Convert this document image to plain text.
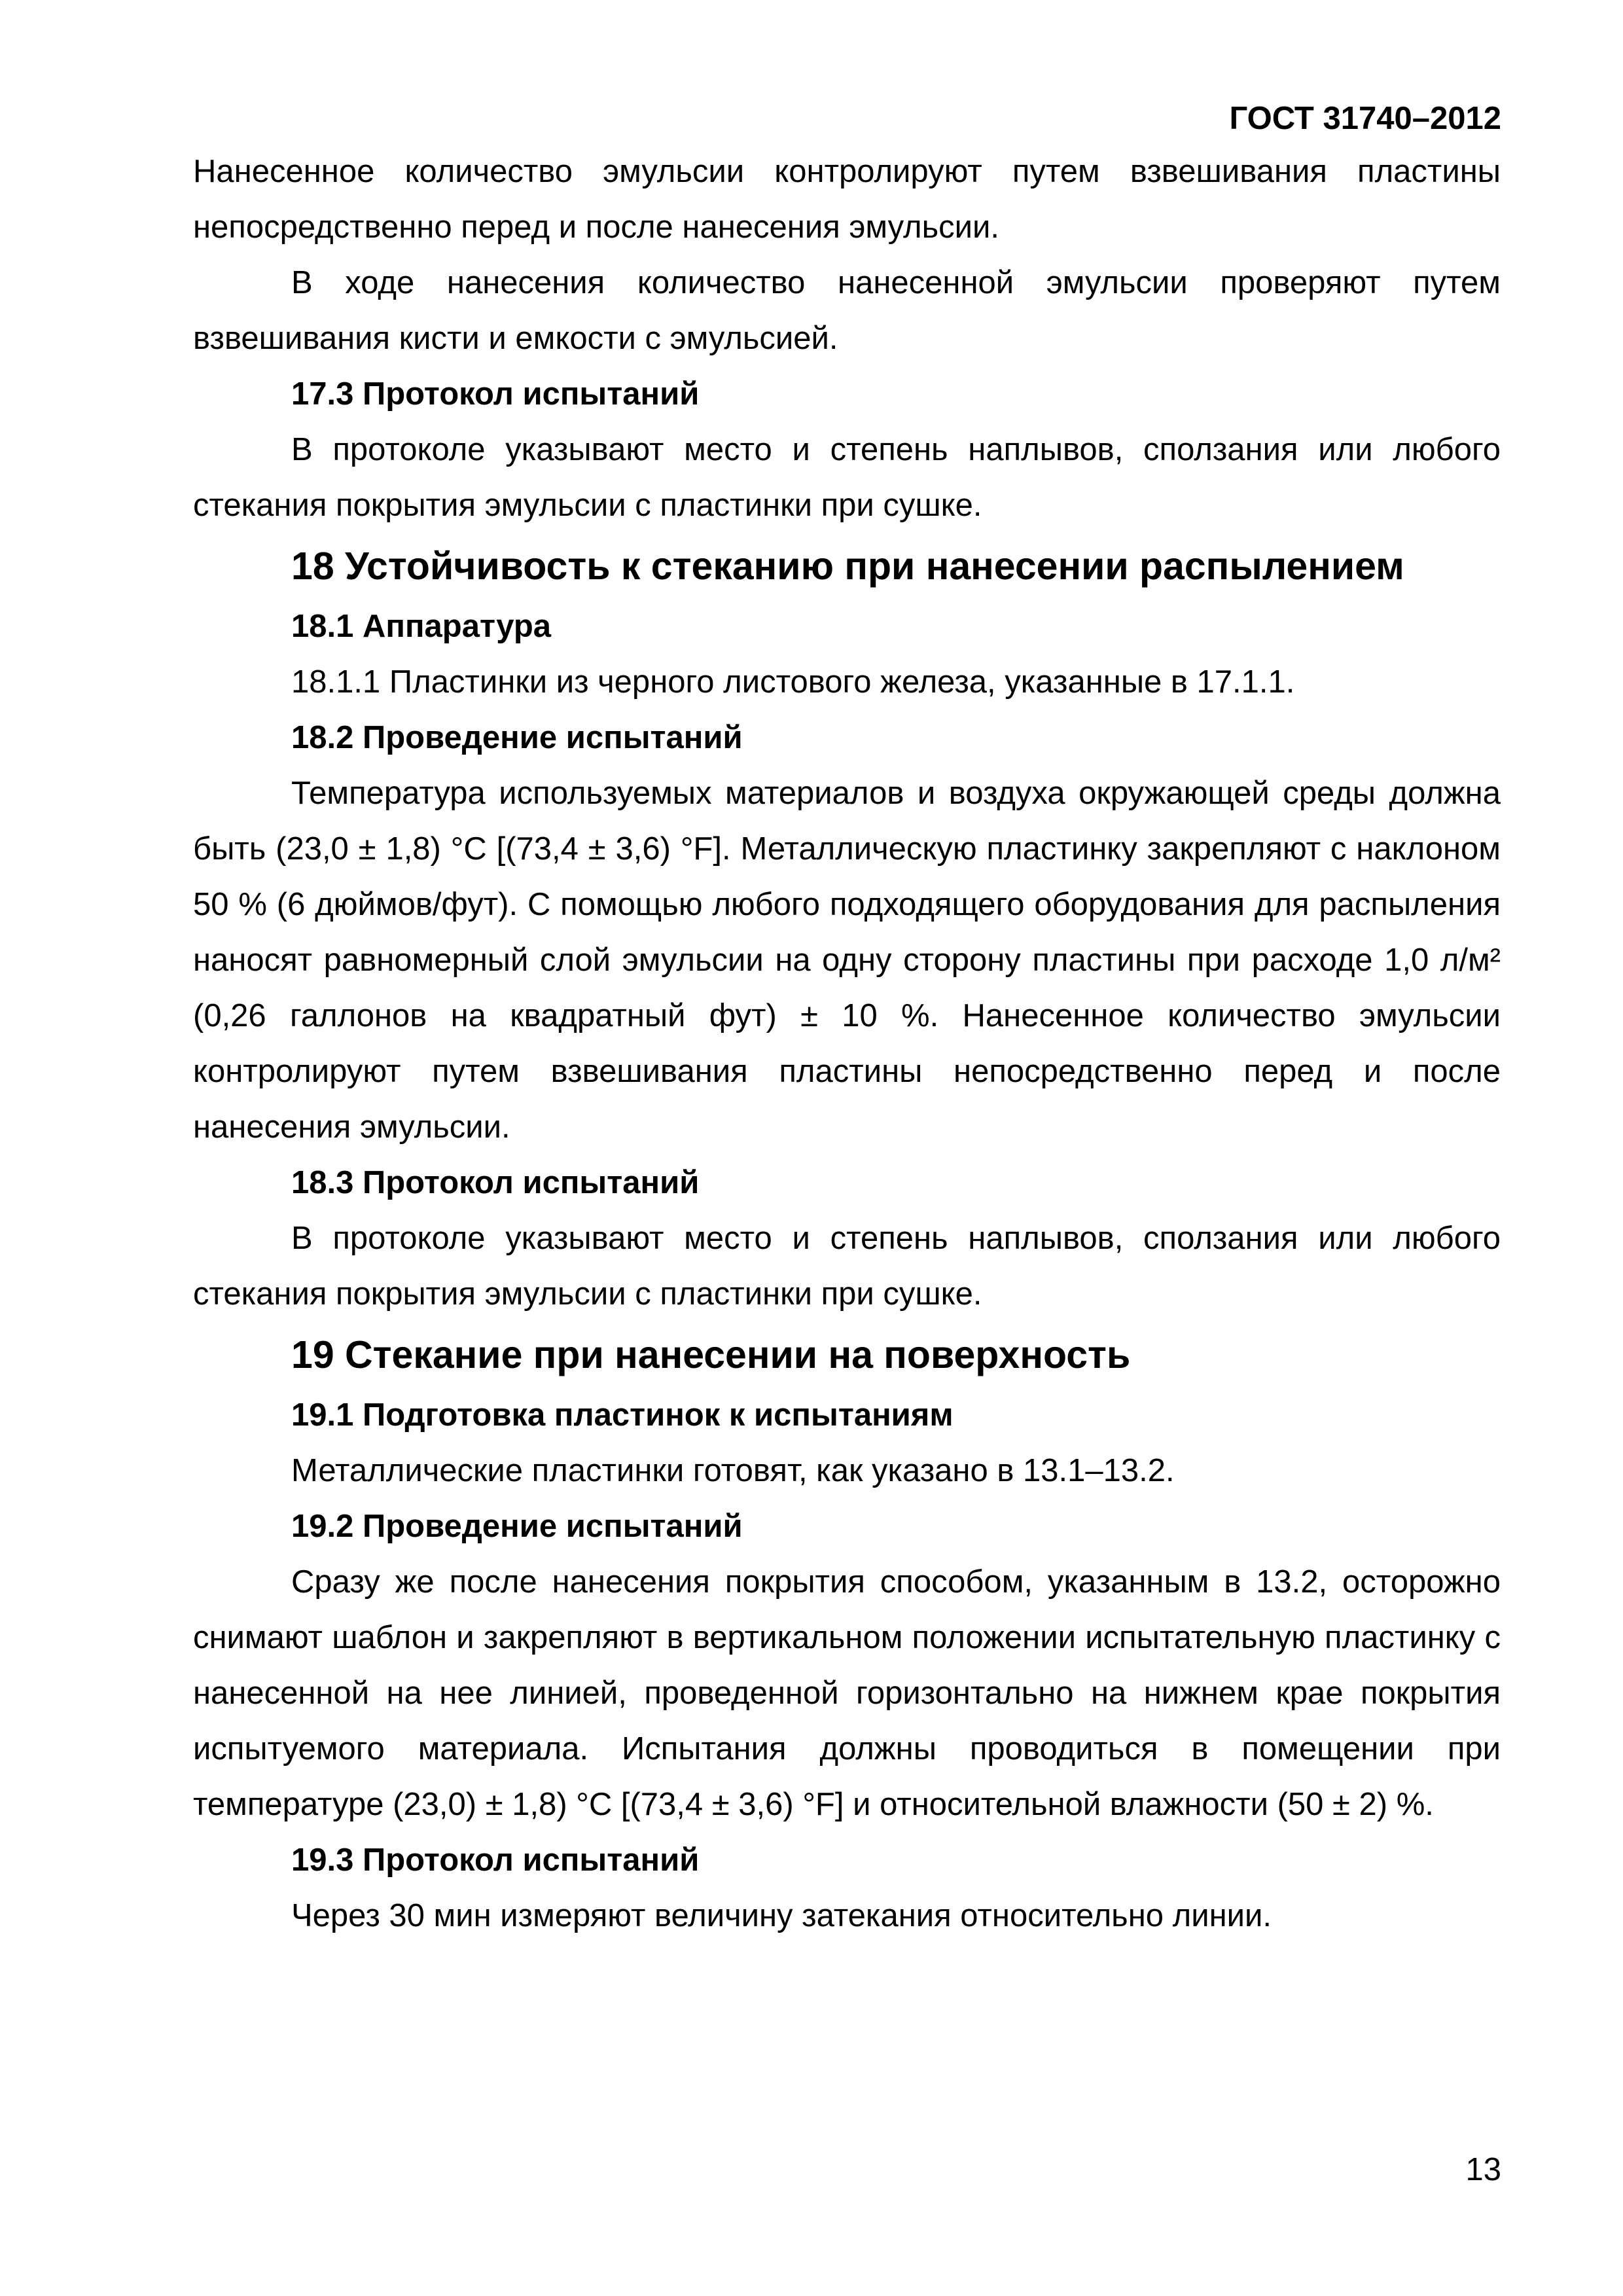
ГОСТ 31740–2012

Нанесенное количество эмульсии контролируют путем взвешивания пластины непосредственно перед и после нанесения эмульсии.

В ходе нанесения количество нанесенной эмульсии проверяют путем взвешивания кисти и емкости с эмульсией.

17.3 Протокол испытаний

В протоколе указывают место и степень наплывов, сползания или любого стекания покрытия эмульсии с пластинки при сушке.

18 Устойчивость к стеканию при нанесении распылением

18.1 Аппаратура

18.1.1 Пластинки из черного листового железа, указанные в 17.1.1.

18.2 Проведение испытаний

Температура используемых материалов и воздуха окружающей среды должна быть (23,0 ± 1,8) °С [(73,4 ± 3,6) °F]. Металлическую пластинку закрепляют с наклоном 50 % (6 дюймов/фут). С помощью любого подходящего оборудования для распыления наносят равномерный слой эмульсии на одну сторону пластины при расходе 1,0 л/м² (0,26 галлонов на квадратный фут) ± 10 %. Нанесенное количество эмульсии контролируют путем взвешивания пластины непосредственно перед и после нанесения эмульсии.

18.3 Протокол испытаний

В протоколе указывают место и степень наплывов, сползания или любого стекания покрытия эмульсии с пластинки при сушке.

19 Стекание при нанесении на поверхность

19.1 Подготовка пластинок к испытаниям

Металлические пластинки готовят, как указано в 13.1–13.2.

19.2 Проведение испытаний

Сразу же после нанесения покрытия способом, указанным в 13.2, осторожно снимают шаблон и закрепляют в вертикальном положении испытательную пластинку с нанесенной на нее линией, проведенной горизонтально на нижнем крае покрытия испытуемого материала. Испытания должны проводиться в помещении при температуре (23,0) ± 1,8) °С [(73,4 ± 3,6) °F] и относительной влажности (50 ± 2) %.

19.3 Протокол испытаний

Через 30 мин измеряют величину затекания относительно линии.

13
